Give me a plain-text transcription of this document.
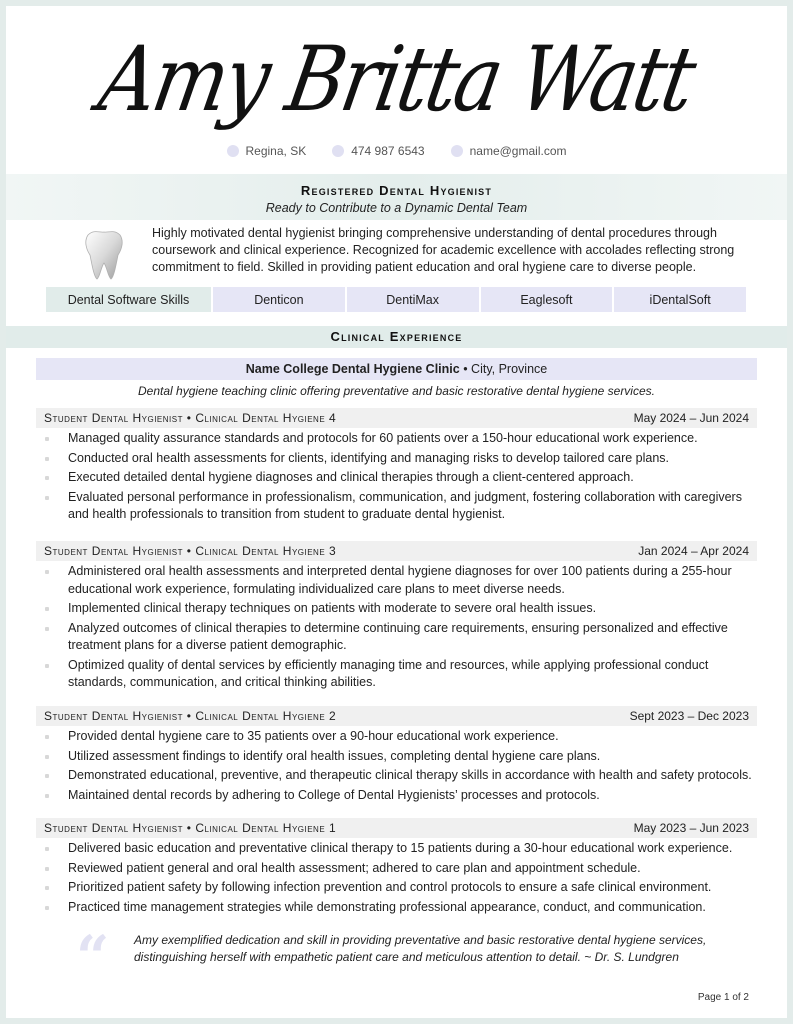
Amy Britta Watt
Regina, SK	474 987 6543	name@gmail.com
Registered Dental Hygienist
Ready to Contribute to a Dynamic Dental Team
Highly motivated dental hygienist bringing comprehensive understanding of dental procedures through coursework and clinical experience. Recognized for academic excellence with accolades reflecting strong commitment to field. Skilled in providing patient education and oral hygiene care to diverse people.
Dental Software Skills	Denticon	DentiMax	Eaglesoft	iDentalSoft
Clinical Experience
Name College Dental Hygiene Clinic • City, Province
Dental hygiene teaching clinic offering preventative and basic restorative dental hygiene services.
Student Dental Hygienist • Clinical Dental Hygiene 4	May 2024 – Jun 2024
Managed quality assurance standards and protocols for 60 patients over a 150-hour educational work experience.
Conducted oral health assessments for clients, identifying and managing risks to develop tailored care plans.
Executed detailed dental hygiene diagnoses and clinical therapies through a client-centered approach.
Evaluated personal performance in professionalism, communication, and judgment, fostering collaboration with caregivers and health professionals to transition from student to graduate dental hygienist.
Student Dental Hygienist • Clinical Dental Hygiene 3	Jan 2024 – Apr 2024
Administered oral health assessments and interpreted dental hygiene diagnoses for over 100 patients during a 255-hour educational work experience, formulating individualized care plans to meet diverse needs.
Implemented clinical therapy techniques on patients with moderate to severe oral health issues.
Analyzed outcomes of clinical therapies to determine continuing care requirements, ensuring personalized and effective treatment plans for a diverse patient demographic.
Optimized quality of dental services by efficiently managing time and resources, while applying professional conduct standards, communication, and critical thinking abilities.
Student Dental Hygienist • Clinical Dental Hygiene 2	Sept 2023 – Dec 2023
Provided dental hygiene care to 35 patients over a 90-hour educational work experience.
Utilized assessment findings to identify oral health issues, completing dental hygiene care plans.
Demonstrated educational, preventive, and therapeutic clinical therapy skills in accordance with health and safety protocols.
Maintained dental records by adhering to College of Dental Hygienists’ processes and protocols.
Student Dental Hygienist • Clinical Dental Hygiene 1	May 2023 – Jun 2023
Delivered basic education and preventative clinical therapy to 15 patients during a 30-hour educational work experience.
Reviewed patient general and oral health assessment; adhered to care plan and appointment schedule.
Prioritized patient safety by following infection prevention and control protocols to ensure a safe clinical environment.
Practiced time management strategies while demonstrating professional appearance, conduct, and communication.
“ Amy exemplified dedication and skill in providing preventative and basic restorative dental hygiene services, distinguishing herself with empathetic patient care and meticulous attention to detail. ~ Dr. S. Lundgren
Page 1 of 2
